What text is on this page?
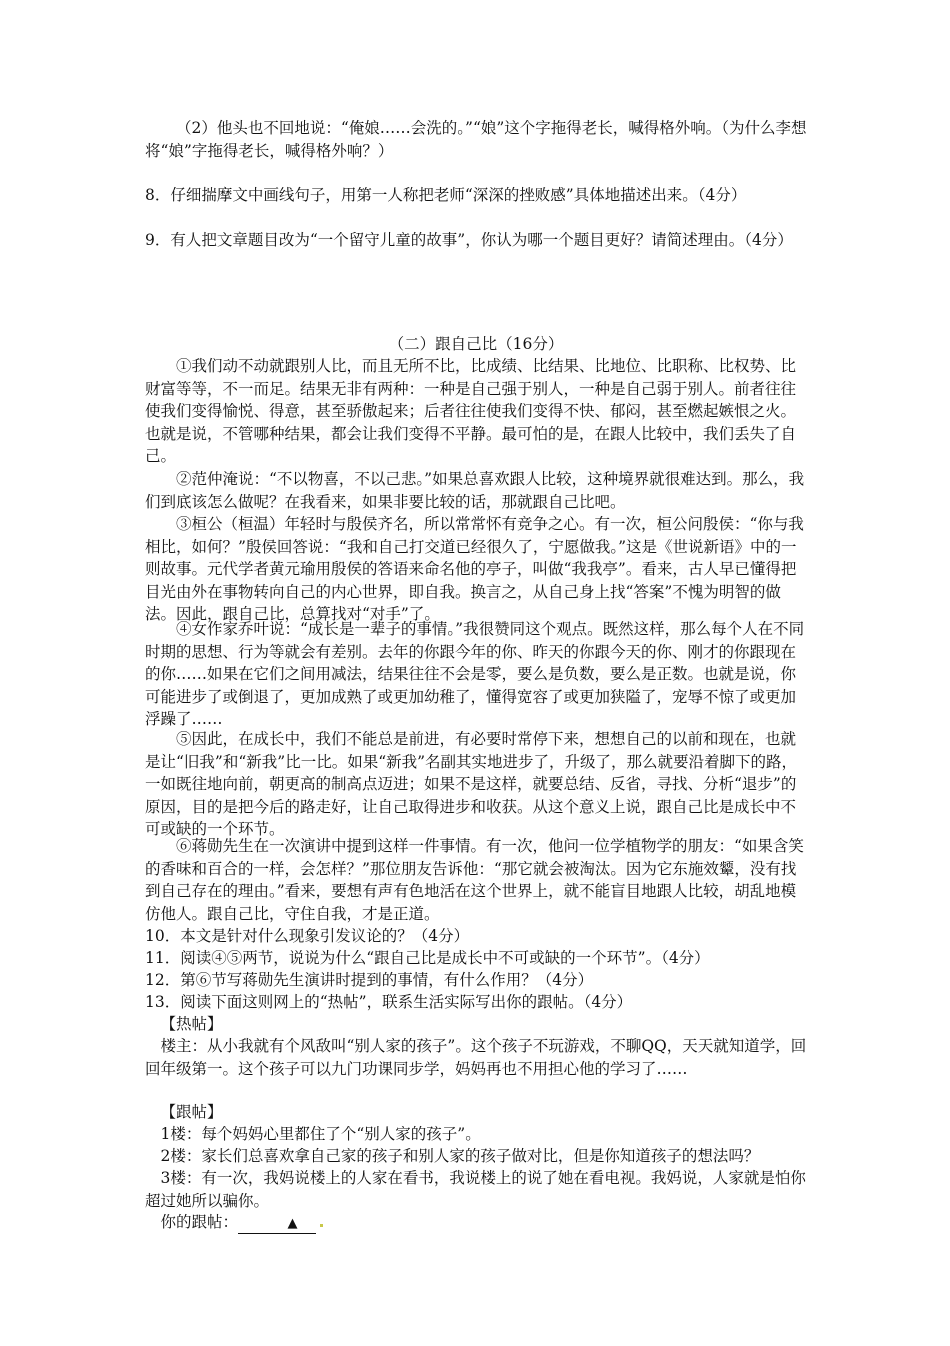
（2）他头也不回地说：“俺娘……会洗的。”“娘”这个字拖得老长，喊得格外响。（为什么李想将“娘”字拖得老长，喊得格外响？）

8．仔细揣摩文中画线句子，用第一人称把老师“深深的挫败感”具体地描述出来。（4分）

9．有人把文章题目改为“一个留守儿童的故事”，你认为哪一个题目更好？请简述理由。（4分）

（二）跟自己比（16分）

①我们动不动就跟别人比，而且无所不比，比成绩、比结果、比地位、比职称、比权势、比财富等等，不一而足。结果无非有两种：一种是自己强于别人，一种是自己弱于别人。前者往往使我们变得愉悦、得意，甚至骄傲起来；后者往往使我们变得不快、郁闷，甚至燃起嫉恨之火。也就是说，不管哪种结果，都会让我们变得不平静。最可怕的是，在跟人比较中，我们丢失了自己。

②范仲淹说：“不以物喜，不以己悲。”如果总喜欢跟人比较，这种境界就很难达到。那么，我们到底该怎么做呢？在我看来，如果非要比较的话，那就跟自己比吧。

③桓公（桓温）年轻时与殷侯齐名，所以常常怀有竞争之心。有一次，桓公问殷侯：“你与我相比，如何？”殷侯回答说：“我和自己打交道已经很久了，宁愿做我。”这是《世说新语》中的一则故事。元代学者黄元瑜用殷侯的答语来命名他的亭子，叫做“我我亭”。看来，古人早已懂得把目光由外在事物转向自己的内心世界，即自我。换言之，从自己身上找“答案”不愧为明智的做法。因此，跟自己比，总算找对“对手”了。

④女作家乔叶说：“成长是一辈子的事情。”我很赞同这个观点。既然这样，那么每个人在不同时期的思想、行为等就会有差别。去年的你跟今年的你、昨天的你跟今天的你、刚才的你跟现在的你……如果在它们之间用减法，结果往往不会是零，要么是负数，要么是正数。也就是说，你可能进步了或倒退了，更加成熟了或更加幼稚了，懂得宽容了或更加狭隘了，宠辱不惊了或更加浮躁了……

⑤因此，在成长中，我们不能总是前进，有必要时常停下来，想想自己的以前和现在，也就是让“旧我”和“新我”比一比。如果“新我”名副其实地进步了，升级了，那么就要沿着脚下的路，一如既往地向前，朝更高的制高点迈进；如果不是这样，就要总结、反省，寻找、分析“退步”的原因，目的是把今后的路走好，让自己取得进步和收获。从这个意义上说，跟自己比是成长中不可或缺的一个环节。

⑥蒋勋先生在一次演讲中提到这样一件事情。有一次，他问一位学植物学的朋友：“如果含笑的香味和百合的一样，会怎样？”那位朋友告诉他：“那它就会被淘汰。因为它东施效颦，没有找到自己存在的理由。”看来，要想有声有色地活在这个世界上，就不能盲目地跟人比较，胡乱地模仿他人。跟自己比，守住自我，才是正道。

10．本文是针对什么现象引发议论的？（4分）

11．阅读④⑤两节，说说为什么“跟自己比是成长中不可或缺的一个环节”。（4分）

12．第⑥节写蒋勋先生演讲时提到的事情，有什么作用？（4分）

13．阅读下面这则网上的“热帖”，联系生活实际写出你的跟帖。（4分）

【热帖】

楼主：从小我就有个风敌叫“别人家的孩子”。这个孩子不玩游戏，不聊QQ，天天就知道学，回回年级第一。这个孩子可以九门功课同步学，妈妈再也不用担心他的学习了……

【跟帖】

1楼：每个妈妈心里都住了个“别人家的孩子”。

2楼：家长们总喜欢拿自己家的孩子和别人家的孩子做对比，但是你知道孩子的想法吗？

3楼：有一次，我妈说楼上的人家在看书，我说楼上的说了她在看电视。我妈说，人家就是怕你超过她所以骗你。

你的跟帖：	▲
